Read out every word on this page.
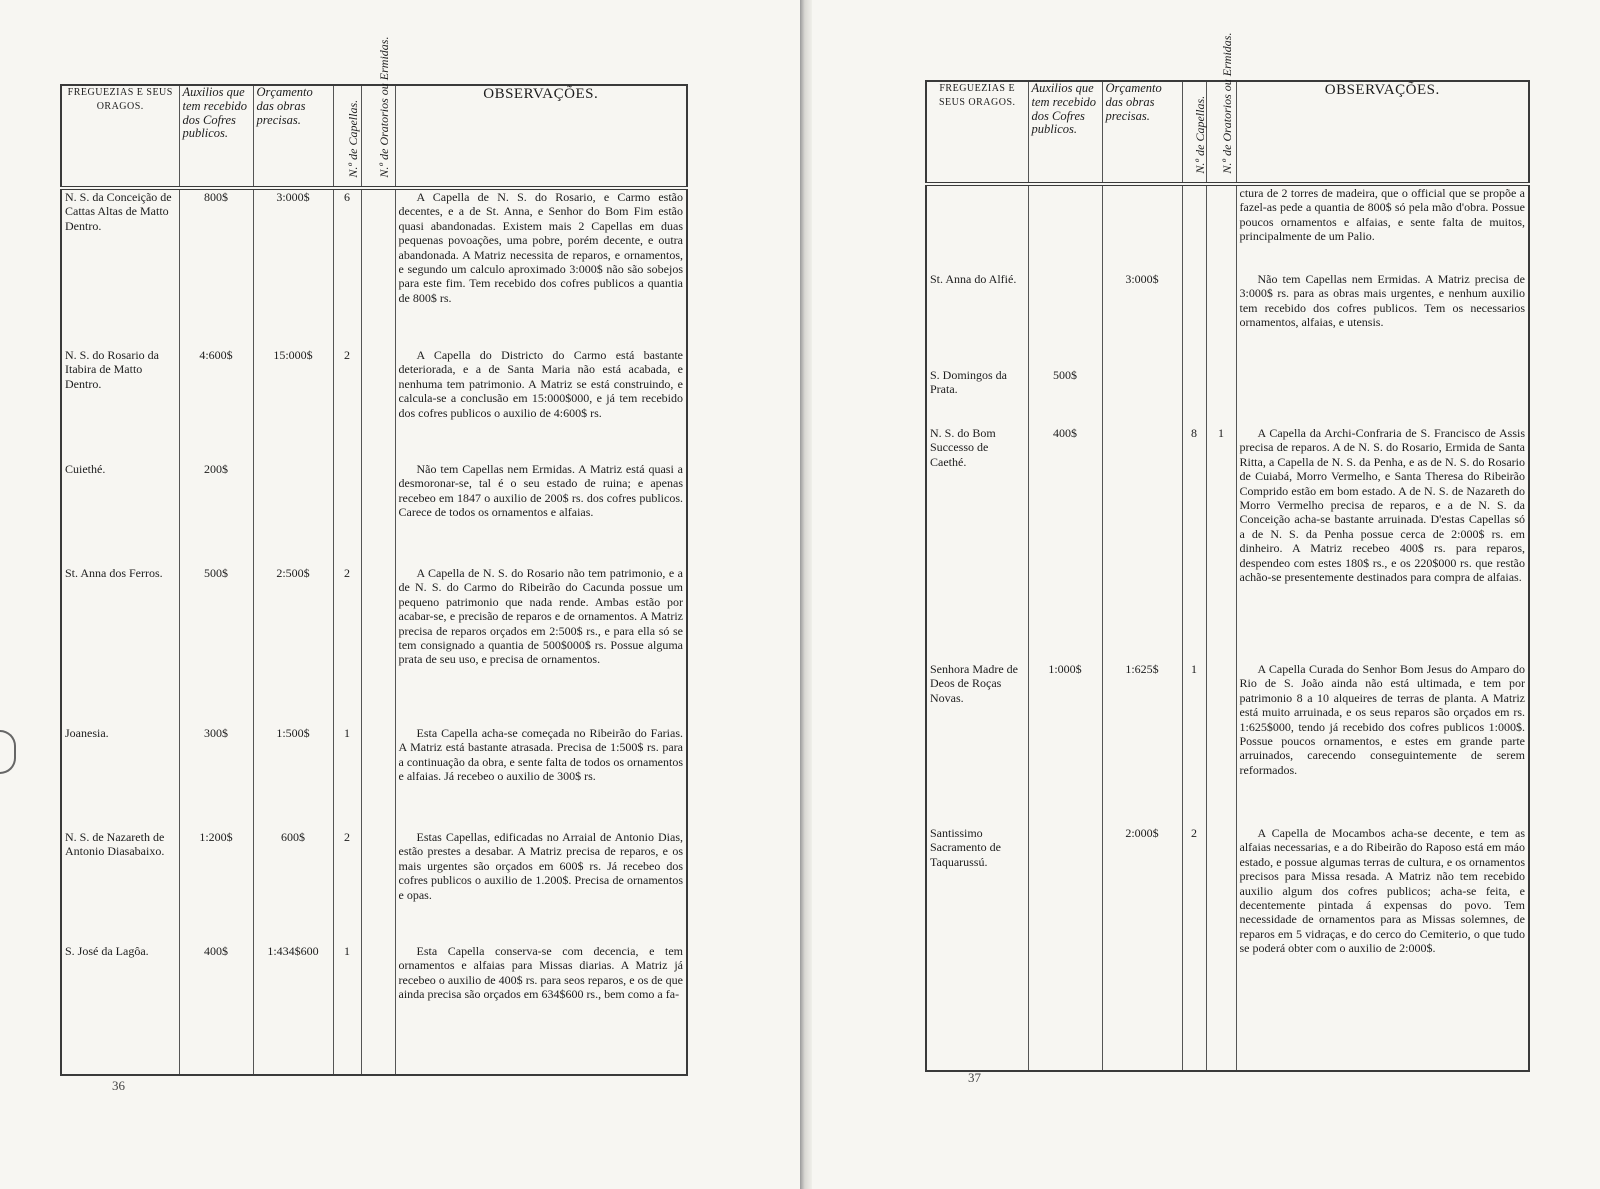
FREGUEZIAS E SEUS ORAGOS.	Auxilios que tem recebido dos Cofres publicos.	Orçamento das obras precisas.	N.º de Capellas.	N.º de Oratorios ou Ermidas.	OBSERVAÇÕES.
N. S. da Conceição de Cattas Altas de Matto Dentro.	800$	3:000$	6		A Capella de N. S. do Rosario, e Carmo estão decentes, e a de St. Anna, e Senhor do Bom Fim estão quasi abandonadas. Existem mais 2 Capellas em duas pequenas povoações, uma pobre, porém decente, e outra abandonada. A Matriz necessita de reparos, e ornamentos, e segundo um calculo aproximado 3:000$ não são sobejos para este fim. Tem recebido dos cofres publicos a quantia de 800$ rs.

N. S. do Rosario da Itabira de Matto Dentro.	4:600$	15:000$	2		A Capella do Districto do Carmo está bastante deteriorada, e a de Santa Maria não está acabada, e nenhuma tem patrimonio. A Matriz se está construindo, e calcula-se a conclusão em 15:000$000, e já tem recebido dos cofres publicos o auxilio de 4:600$ rs.

Cuiethé.	200$				Não tem Capellas nem Ermidas. A Matriz está quasi a desmoronar-se, tal é o seu estado de ruina; e apenas recebeo em 1847 o auxilio de 200$ rs. dos cofres publicos. Carece de todos os ornamentos e alfaias.

St. Anna dos Ferros.	500$	2:500$	2		A Capella de N. S. do Rosario não tem patrimonio, e a de N. S. do Carmo do Ribeirão do Cacunda possue um pequeno patrimonio que nada rende. Ambas estão por acabar-se, e precisão de reparos e de ornamentos. A Matriz precisa de reparos orçados em 2:500$ rs., e para ella só se tem consignado a quantia de 500$000$ rs. Possue alguma prata de seu uso, e precisa de ornamentos.

Joanesia.	300$	1:500$	1		Esta Capella acha-se começada no Ribeirão do Farias. A Matriz está bastante atrasada. Precisa de 1:500$ rs. para a continuação da obra, e sente falta de todos os ornamentos e alfaias. Já recebeo o auxilio de 300$ rs.

N. S. de Nazareth de Antonio Diasabaixo.	1:200$	600$	2		Estas Capellas, edificadas no Arraial de Antonio Dias, estão prestes a desabar. A Matriz precisa de reparos, e os mais urgentes são orçados em 600$ rs. Já recebeo dos cofres publicos o auxilio de 1.200$. Precisa de ornamentos e opas.

S. José da Lagôa.	400$	1:434$600	1		Esta Capella conserva-se com decencia, e tem ornamentos e alfaias para Missas diarias. A Matriz já recebeo o auxilio de 400$ rs. para seos reparos, e os de que ainda precisa são orçados em 634$600 rs., bem como a fa-
36
FREGUEZIAS E SEUS ORAGOS.	Auxilios que tem recebido dos Cofres publicos.	Orçamento das obras precisas.	N.º de Capellas.	N.º de Oratorios ou Ermidas.	OBSERVAÇÕES.
					ctura de 2 torres de madeira, que o official que se propõe a fazel-as pede a quantia de 800$ só pela mão d'obra. Possue poucos ornamentos e alfaias, e sente falta de muitos, principalmente de um Palio.
St. Anna do Alfié.		3:000$			Não tem Capellas nem Ermidas. A Matriz precisa de 3:000$ rs. para as obras mais urgentes, e nenhum auxilio tem recebido dos cofres publicos. Tem os necessarios ornamentos, alfaias, e utensis.

S. Domingos da Prata.	500$				
N. S. do Bom Successo de Caethé.	400$		8	1	A Capella da Archi-Confraria de S. Francisco de Assis precisa de reparos. A de N. S. do Rosario, Ermida de Santa Ritta, a Capella de N. S. da Penha, e as de N. S. do Rosario de Cuiabá, Morro Vermelho, e Santa Theresa do Ribeirão Comprido estão em bom estado. A de N. S. de Nazareth do Morro Vermelho precisa de reparos, e a de N. S. da Conceição acha-se bastante arruinada. D'estas Capellas só a de N. S. da Penha possue cerca de 2:000$ rs. em dinheiro. A Matriz recebeo 400$ rs. para reparos, despendeo com estes 180$ rs., e os 220$000 rs. que restão achão-se presentemente destinados para compra de alfaias.

Senhora Madre de Deos de Roças Novas.	1:000$	1:625$	1		A Capella Curada do Senhor Bom Jesus do Amparo do Rio de S. João ainda não está ultimada, e tem por patrimonio 8 a 10 alqueires de terras de planta. A Matriz está muito arruinada, e os seus reparos são orçados em rs. 1:625$000, tendo já recebido dos cofres publicos 1:000$. Possue poucos ornamentos, e estes em grande parte arruinados, carecendo conseguintemente de serem reformados.

Santissimo Sacramento de Taquarussú.		2:000$	2		A Capella de Mocambos acha-se decente, e tem as alfaias necessarias, e a do Ribeirão do Raposo está em máo estado, e possue algumas terras de cultura, e os ornamentos precisos para Missa resada. A Matriz não tem recebido auxilio algum dos cofres publicos; acha-se feita, e decentemente pintada á expensas do povo. Tem necessidade de ornamentos para as Missas solemnes, de reparos em 5 vidraças, e do cerco do Cemiterio, o que tudo se poderá obter com o auxilio de 2:000$.
37
